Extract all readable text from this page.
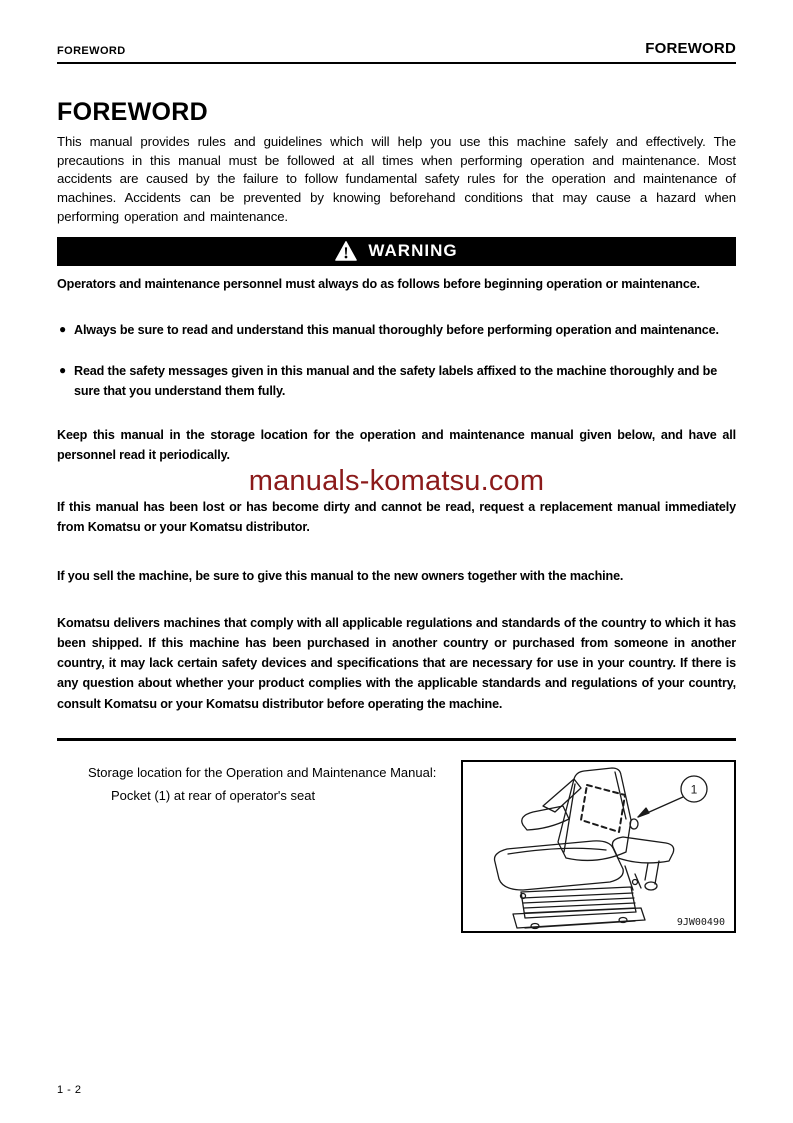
FOREWORD	FOREWORD
FOREWORD

This manual provides rules and guidelines which will help you use this machine safely and effectively. The precautions in this manual must be followed at all times when performing operation and maintenance. Most accidents are caused by the failure to follow fundamental safety rules for the operation and maintenance of machines. Accidents can be prevented by knowing beforehand conditions that may cause a hazard when performing operation and maintenance.

WARNING

Operators and maintenance personnel must always do as follows before beginning operation or maintenance.

● Always be sure to read and understand this manual thoroughly before performing operation and maintenance.
● Read the safety messages given in this manual and the safety labels affixed to the machine thoroughly and be sure that you understand them fully.

Keep this manual in the storage location for the operation and maintenance manual given below, and have all personnel read it periodically.

manuals-komatsu.com

If this manual has been lost or has become dirty and cannot be read, request a replacement manual immediately from Komatsu or your Komatsu distributor.

If you sell the machine, be sure to give this manual to the new owners together with the machine.

Komatsu delivers machines that comply with all applicable regulations and standards of the country to which it has been shipped. If this machine has been purchased in another country or purchased from someone in another country, it may lack certain safety devices and specifications that are necessary for use in your country. If there is any question about whether your product complies with the applicable standards and regulations of your country, consult Komatsu or your Komatsu distributor before operating the machine.

Storage location for the Operation and Maintenance Manual:
Pocket (1) at rear of operator's seat	1
9JW00490
1 - 2
